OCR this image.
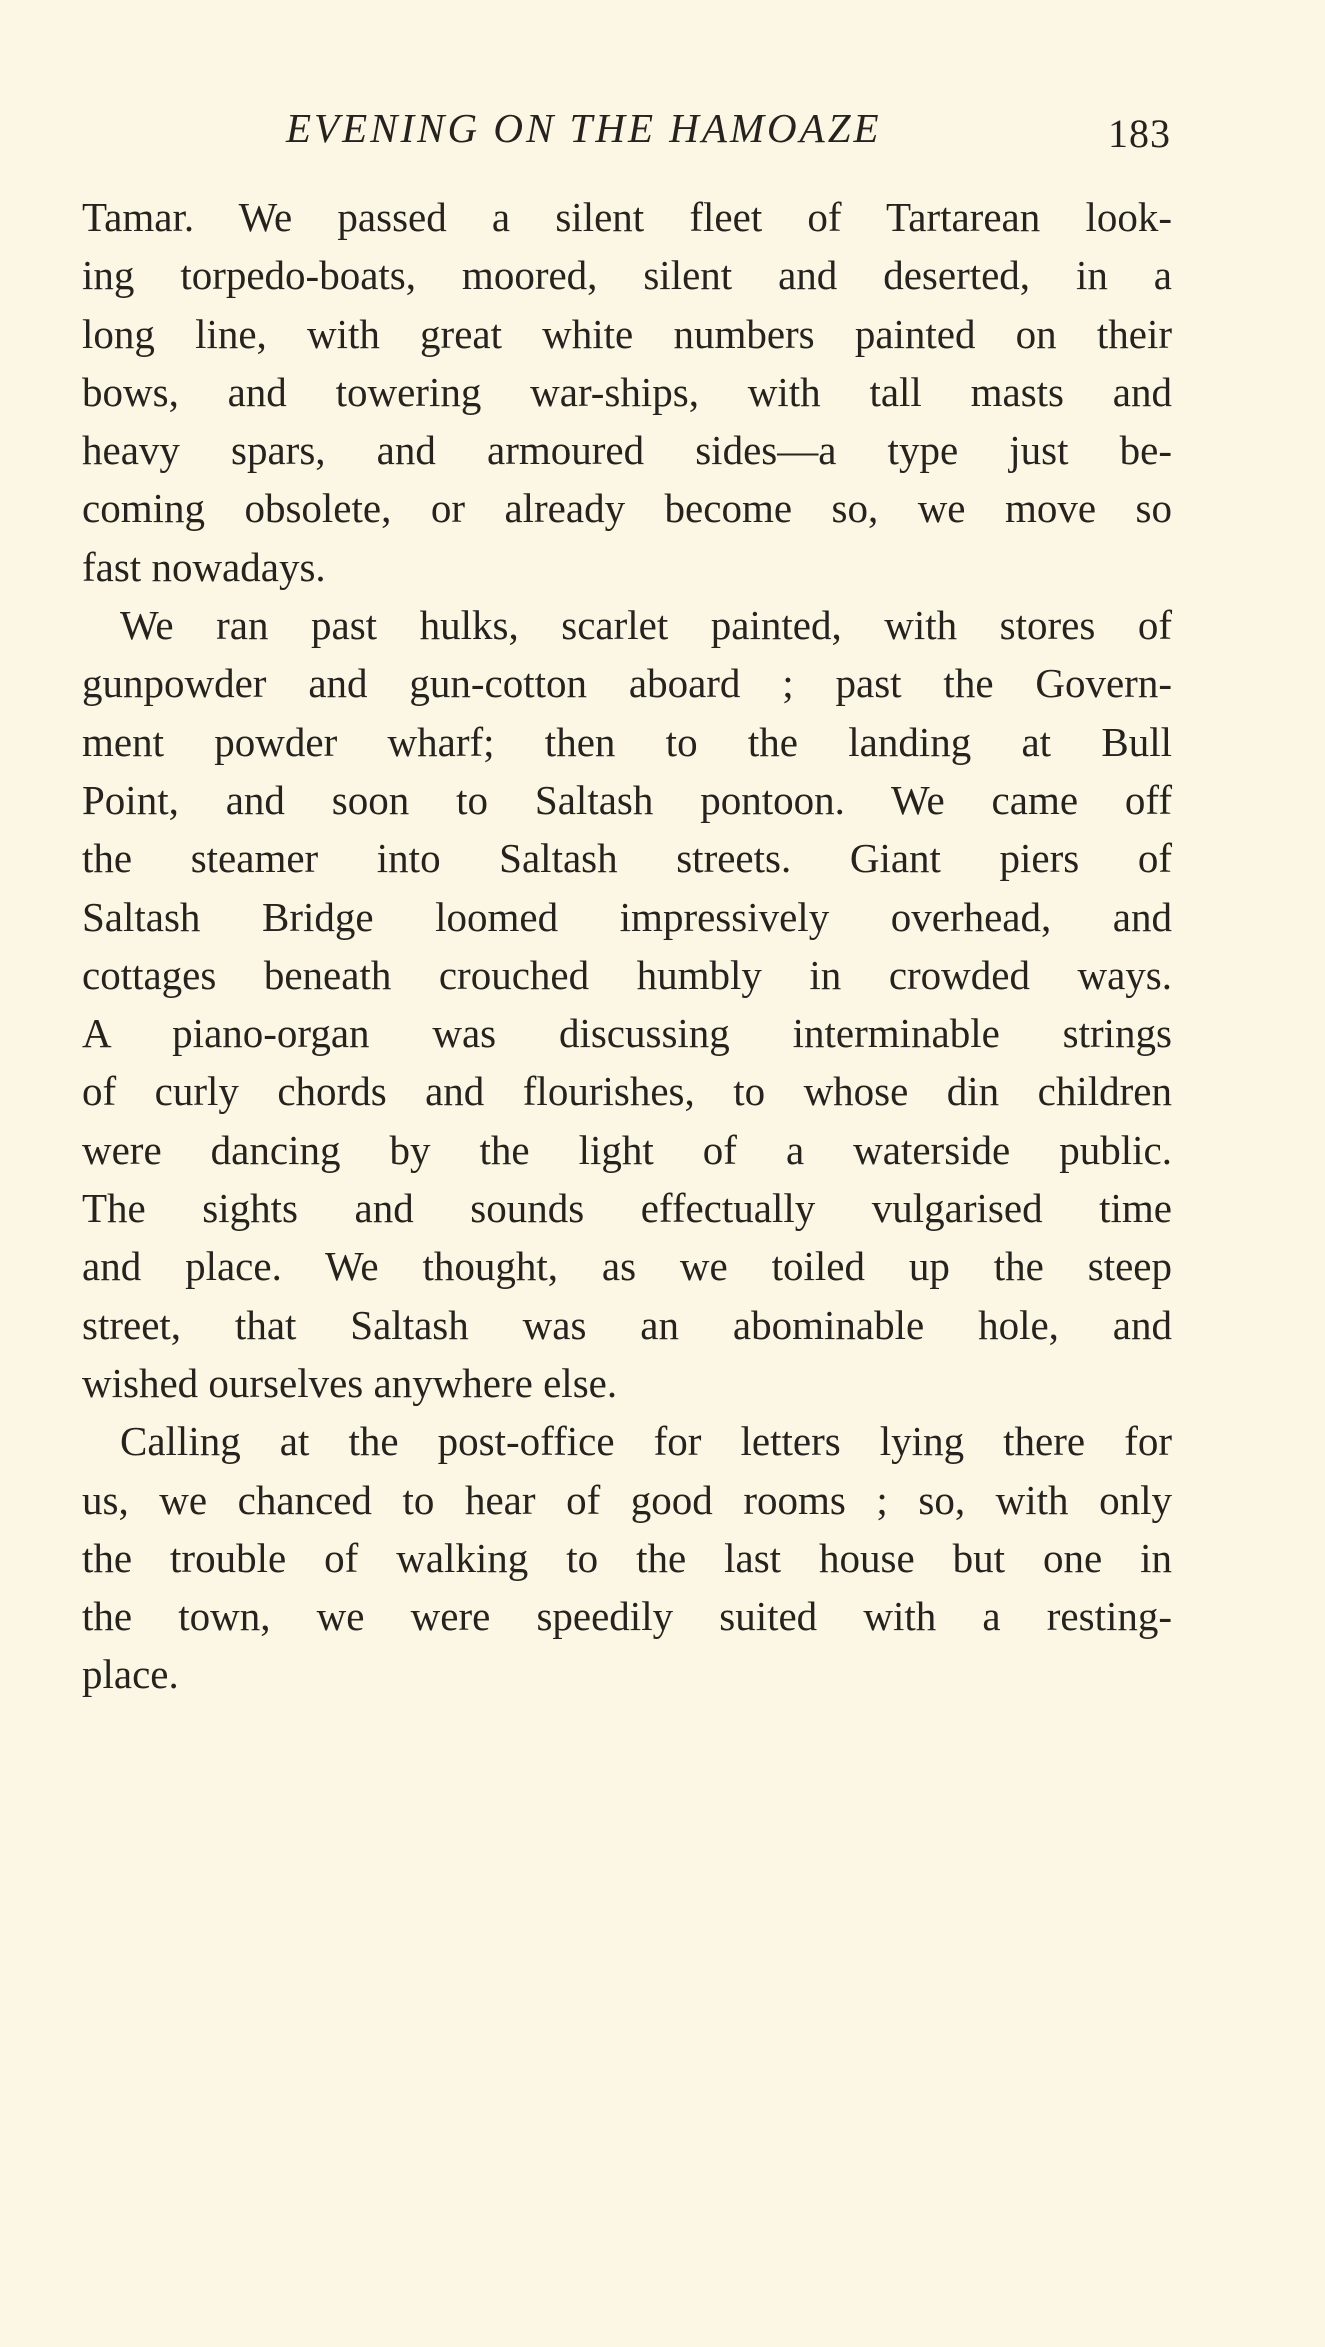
EVENING ON THE HAMOAZE	183
Tamar. We passed a silent fleet of Tartarean look-
ing torpedo-boats, moored, silent and deserted, in a
long line, with great white numbers painted on their
bows, and towering war-ships, with tall masts and
heavy spars, and armoured sides—a type just be-
coming obsolete, or already become so, we move so
fast nowadays.
We ran past hulks, scarlet painted, with stores of
gunpowder and gun-cotton aboard ; past the Govern-
ment powder wharf; then to the landing at Bull
Point, and soon to Saltash pontoon. We came off
the steamer into Saltash streets. Giant piers of
Saltash Bridge loomed impressively overhead, and
cottages beneath crouched humbly in crowded ways.
A piano-organ was discussing interminable strings
of curly chords and flourishes, to whose din children
were dancing by the light of a waterside public.
The sights and sounds effectually vulgarised time
and place. We thought, as we toiled up the steep
street, that Saltash was an abominable hole, and
wished ourselves anywhere else.
Calling at the post-office for letters lying there for
us, we chanced to hear of good rooms ; so, with only
the trouble of walking to the last house but one in
the town, we were speedily suited with a resting-
place.
